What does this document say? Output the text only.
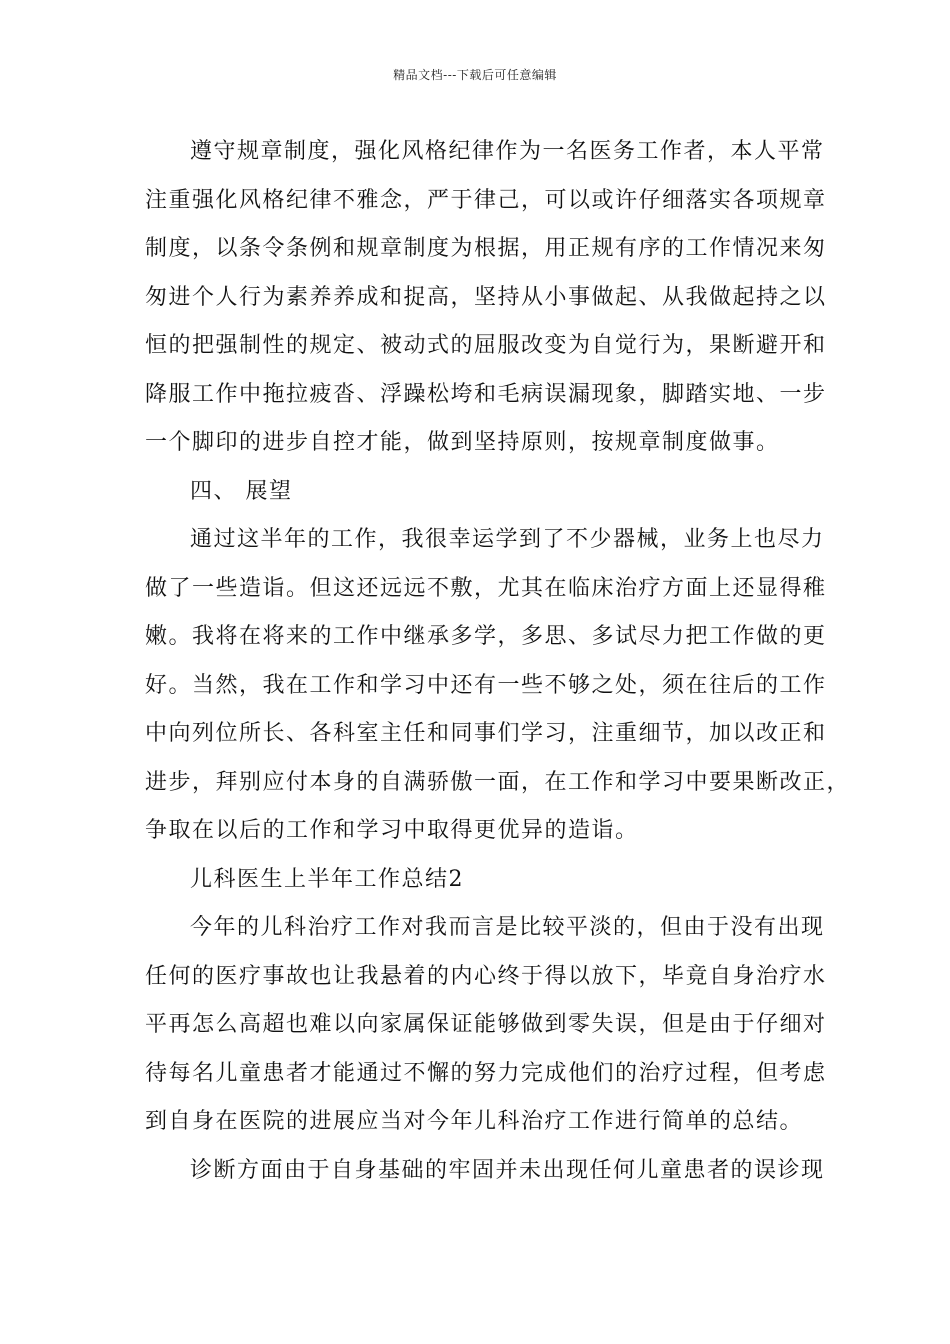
精品文档---下载后可任意编辑
遵守规章制度，强化风格纪律作为一名医务工作者，本人平常
注重强化风格纪律不雅念，严于律己，可以或许仔细落实各项规章
制度，以条令条例和规章制度为根据，用正规有序的工作情况来匆
匆进个人行为素养养成和捉高，坚持从小事做起、从我做起持之以
恒的把强制性的规定、被动式的屈服改变为自觉行为，果断避开和
降服工作中拖拉疲沓、浮躁松垮和毛病误漏现象，脚踏实地、一步
一个脚印的进步自控才能，做到坚持原则，按规章制度做事。
四、 展望
通过这半年的工作，我很幸运学到了不少器械，业务上也尽力
做了一些造诣。但这还远远不敷，尤其在临床治疗方面上还显得稚
嫩。我将在将来的工作中继承多学，多思、多试尽力把工作做的更
好。当然，我在工作和学习中还有一些不够之处，须在往后的工作
中向列位所长、各科室主任和同事们学习，注重细节，加以改正和
进步，拜别应付本身的自满骄傲一面，在工作和学习中要果断改正，
争取在以后的工作和学习中取得更优异的造诣。
儿科医生上半年工作总结2
今年的儿科治疗工作对我而言是比较平淡的，但由于没有出现
任何的医疗事故也让我悬着的内心终于得以放下，毕竟自身治疗水
平再怎么高超也难以向家属保证能够做到零失误，但是由于仔细对
待每名儿童患者才能通过不懈的努力完成他们的治疗过程，但考虑
到自身在医院的进展应当对今年儿科治疗工作进行简单的总结。
诊断方面由于自身基础的牢固并未出现任何儿童患者的误诊现
